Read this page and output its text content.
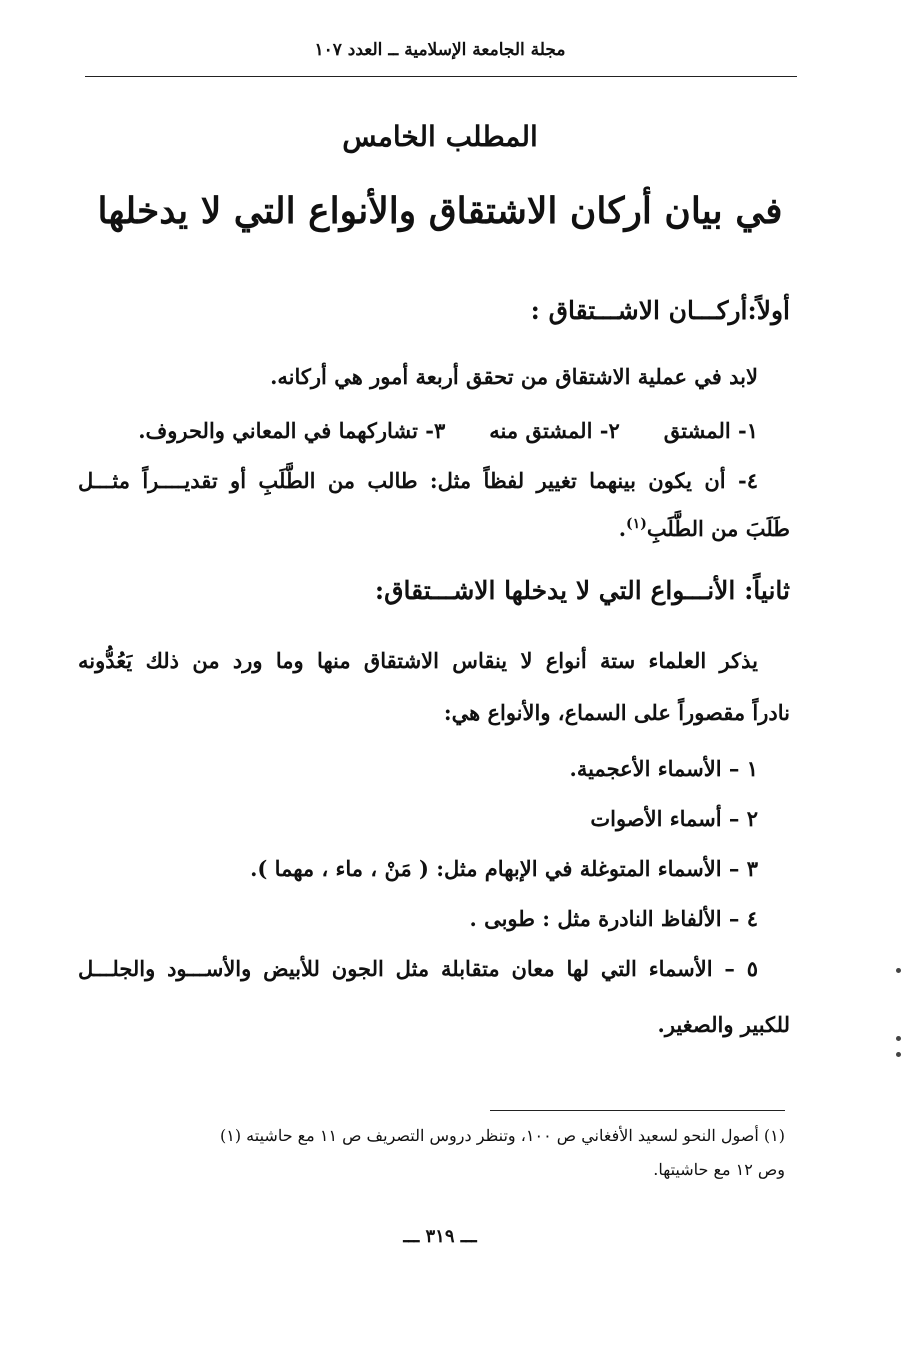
مجلة الجامعة الإسلامية ــ العدد ١٠٧
المطلب الخامس
في بيان أركان الاشتقاق والأنواع التي لا يدخلها
أولاً:أركـــان الاشـــتقاق :
لابد في عملية الاشتقاق من تحقق أربعة أمور هي أركانه.
١- المشتق٢- المشتق منه٣- تشاركهما في المعاني والحروف.
٤- أن يكون بينهما تغيير لفظاً مثل: طالب من الطَّلَبِ أو تقديــــراً مثـــل
طَلَبَ من الطَّلَبِ$^{(١)}$.
ثانياً: الأنـــواع التي لا يدخلها الاشـــتقاق:
يذكر العلماء ستة أنواع لا ينقاس الاشتقاق منها وما ورد من ذلك يَعُدُّونه
نادراً مقصوراً على السماع، والأنواع هي:
١ – الأسماء الأعجمية.
٢ – أسماء الأصوات
٣ – الأسماء المتوغلة في الإبهام مثل: ( مَنْ ، ماء ، مهما ).
٤ – الألفاظ النادرة مثل : طوبى .
٥ – الأسماء التي لها معان متقابلة مثل الجون للأبيض والأســـود والجلـــل
للكبير والصغير.
(١) أصول النحو لسعيد الأفغاني ص ١٠٠، وتنظر دروس التصريف ص ١١ مع حاشيته (١)
وص ١٢ مع حاشيتها.
ـــ ٣١٩ ـــ
